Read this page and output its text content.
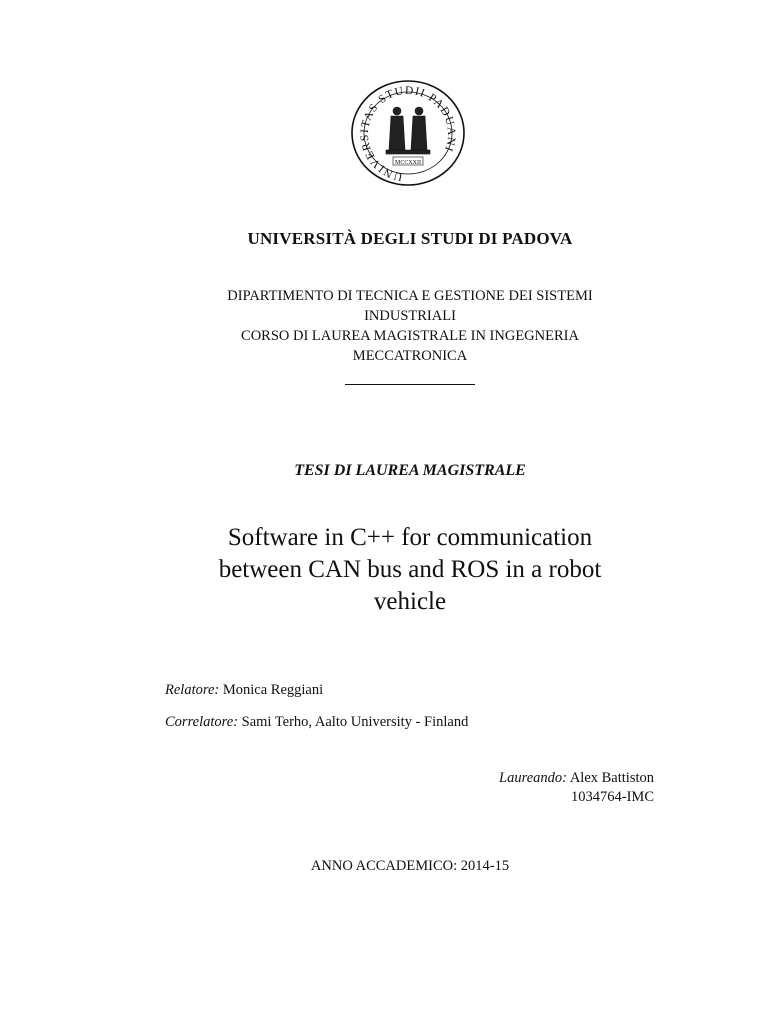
UNIVERSITAS STUDII PADUANI
MCCXXII
UNIVERSITÀ DEGLI STUDI DI PADOVA
DIPARTIMENTO DI TECNICA E GESTIONE DEI SISTEMI
INDUSTRIALI
CORSO DI LAUREA MAGISTRALE IN INGEGNERIA
MECCATRONICA
TESI DI LAUREA MAGISTRALE
Software in C++ for communication
between CAN bus and ROS in a robot
vehicle
Relatore: Monica Reggiani
Correlatore: Sami Terho, Aalto University - Finland
Laureando: Alex Battiston
1034764-IMC
ANNO ACCADEMICO: 2014-15
